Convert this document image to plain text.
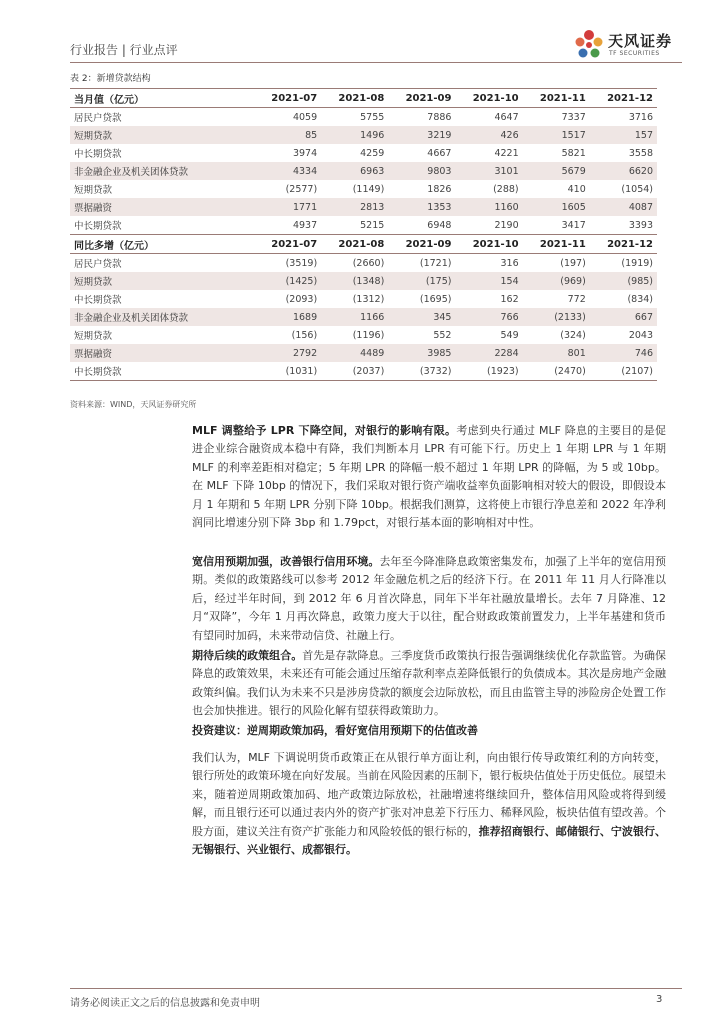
行业报告 | 行业点评	天风证券
TF SECURITIES
表 2：新增贷款结构
当月值（亿元）	2021-07	2021-08	2021-09	2021-10	2021-11	2021-12
居民户贷款	4059	5755	7886	4647	7337	3716
短期贷款	85	1496	3219	426	1517	157
中长期贷款	3974	4259	4667	4221	5821	3558
非金融企业及机关团体贷款	4334	6963	9803	3101	5679	6620
短期贷款	(2577)	(1149)	1826	(288)	410	(1054)
票据融资	1771	2813	1353	1160	1605	4087
中长期贷款	4937	5215	6948	2190	3417	3393
同比多增（亿元）	2021-07	2021-08	2021-09	2021-10	2021-11	2021-12
居民户贷款	(3519)	(2660)	(1721)	316	(197)	(1919)
短期贷款	(1425)	(1348)	(175)	154	(969)	(985)
中长期贷款	(2093)	(1312)	(1695)	162	772	(834)
非金融企业及机关团体贷款	1689	1166	345	766	(2133)	667
短期贷款	(156)	(1196)	552	549	(324)	2043
票据融资	2792	4489	3985	2284	801	746
中长期贷款	(1031)	(2037)	(3732)	(1923)	(2470)	(2107)
资料来源：WIND，天风证券研究所
MLF 调整给予 LPR 下降空间，对银行的影响有限。考虑到央行通过 MLF 降息的主要目的是促进企业综合融资成本稳中有降，我们判断本月 LPR 有可能下行。历史上 1 年期 LPR 与 1 年期 MLF 的利率差距相对稳定；5 年期 LPR 的降幅一般不超过 1 年期 LPR 的降幅，为 5 或 10bp。在 MLF 下降 10bp 的情况下，我们采取对银行资产端收益率负面影响相对较大的假设，即假设本月 1 年期和 5 年期 LPR 分别下降 10bp。根据我们测算，这将使上市银行净息差和 2022 年净利润同比增速分别下降 3bp 和 1.79pct，对银行基本面的影响相对中性。
宽信用预期加强，改善银行信用环境。去年至今降准降息政策密集发布，加强了上半年的宽信用预期。类似的政策路线可以参考 2012 年金融危机之后的经济下行。在 2011 年 11 月人行降准以后，经过半年时间，到 2012 年 6 月首次降息，同年下半年社融放量增长。去年 7 月降准、12 月“双降”，今年 1 月再次降息，政策力度大于以往，配合财政政策前置发力，上半年基建和货币有望同时加码，未来带动信贷、社融上行。
期待后续的政策组合。首先是存款降息。三季度货币政策执行报告强调继续优化存款监管。为确保降息的政策效果，未来还有可能会通过压缩存款利率点差降低银行的负债成本。其次是房地产金融政策纠偏。我们认为未来不只是涉房贷款的额度会边际放松，而且由监管主导的涉险房企处置工作也会加快推进。银行的风险化解有望获得政策助力。
投资建议：逆周期政策加码，看好宽信用预期下的估值改善
我们认为，MLF 下调说明货币政策正在从银行单方面让利，向由银行传导政策红利的方向转变，银行所处的政策环境在向好发展。当前在风险因素的压制下，银行板块估值处于历史低位。展望未来，随着逆周期政策加码、地产政策边际放松，社融增速将继续回升，整体信用风险或将得到缓解，而且银行还可以通过表内外的资产扩张对冲息差下行压力、稀释风险，板块估值有望改善。个股方面，建议关注有资产扩张能力和风险较低的银行标的，推荐招商银行、邮储银行、宁波银行、无锡银行、兴业银行、成都银行。
请务必阅读正文之后的信息披露和免责申明	3
